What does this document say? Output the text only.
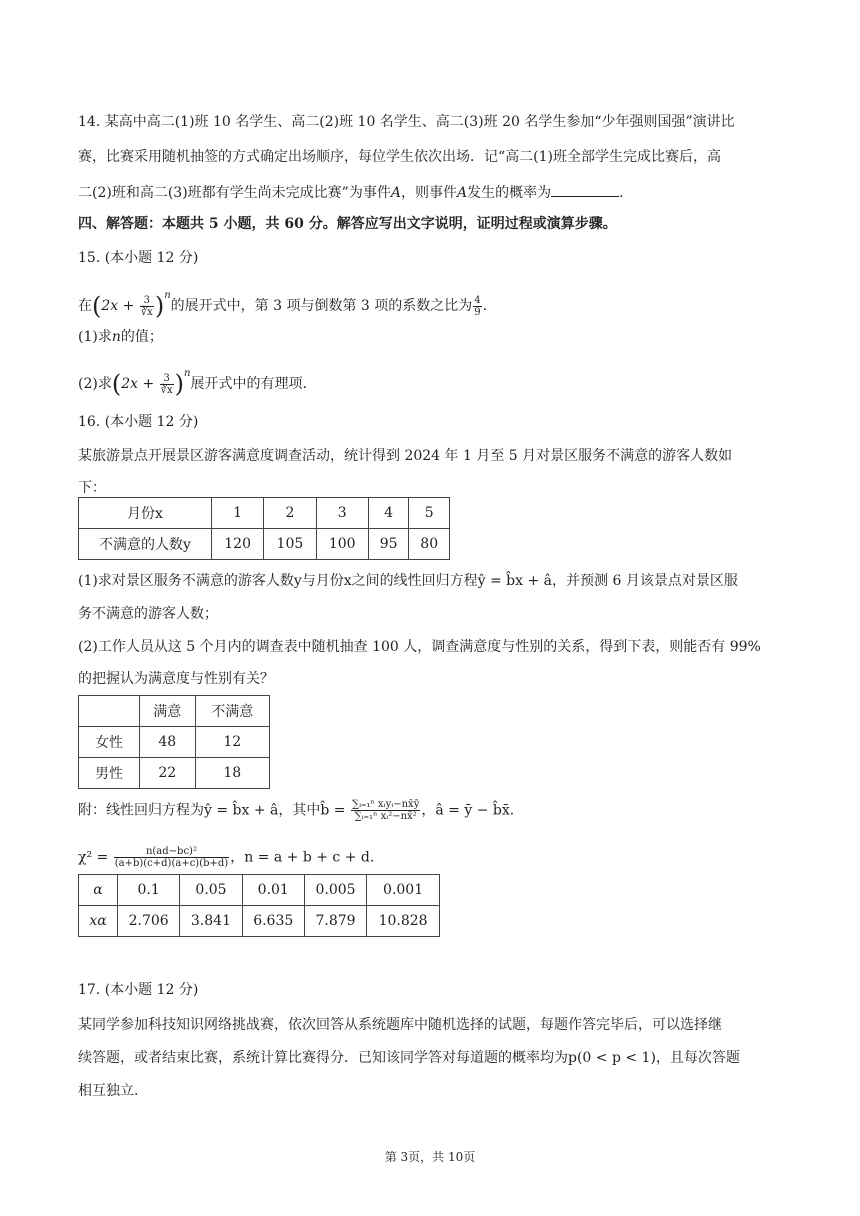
14. 某高中高二(1)班 10 名学生、高二(2)班 10 名学生、高二(3)班 20 名学生参加“少年强则国强”演讲比
赛，比赛采用随机抽签的方式确定出场顺序，每位学生依次出场．记“高二(1)班全部学生完成比赛后，高
二(2)班和高二(3)班都有学生尚未完成比赛”为事件A，则事件A发生的概率为	.
四、解答题：本题共 5 小题，共 60 分。解答应写出文字说明，证明过程或演算步骤。
15. (本小题 12 分)
在$(2x + \frac{3}{∛x} )^n$的展开式中，第 3 项与倒数第 3 项的系数之比为 $\frac{4}{9}$ .
(1)求n的值；
(2)求$(2x + \frac{3}{∛x} )^n$展开式中的有理项.
16. (本小题 12 分)
某旅游景点开展景区游客满意度调查活动，统计得到 2024 年 1 月至 5 月对景区服务不满意的游客人数如
下：
月份x	1	2	3	4	5
不满意的人数y	120	105	100	95	80
(1)求对景区服务不满意的游客人数y与月份x之间的线性回归方程ŷ = b̂x + â，并预测 6 月该景点对景区服
务不满意的游客人数；
(2)工作人员从这 5 个月内的调查表中随机抽查 100 人，调查满意度与性别的关系，得到下表，则能否有 99%
的把握认为满意度与性别有关？
	满意	不满意
女性	48	12
男性	22	18
附：线性回归方程为ŷ = b̂x + â，其中b̂ = $\frac{\text{∑ᵢ₌₁ⁿ xᵢyᵢ−nx̄ȳ}}{\text{∑ᵢ₌₁ⁿ xᵢ²−nx̄²}}$ ，â = ȳ − b̂x̄.
$\chi^2 = \frac{\text{n(ad−bc)²}}{(a+b)(c+d)(a+c)(b+d)}$ ，n = a + b + c + d.
α	0.1	0.05	0.01	0.005	0.001
xα	2.706	3.841	6.635	7.879	10.828
17. (本小题 12 分)
某同学参加科技知识网络挑战赛，依次回答从系统题库中随机选择的试题，每题作答完毕后，可以选择继
续答题，或者结束比赛，系统计算比赛得分．已知该同学答对每道题的概率均为p(0 < p < 1)，且每次答题
相互独立.
第 3页，共 10页
